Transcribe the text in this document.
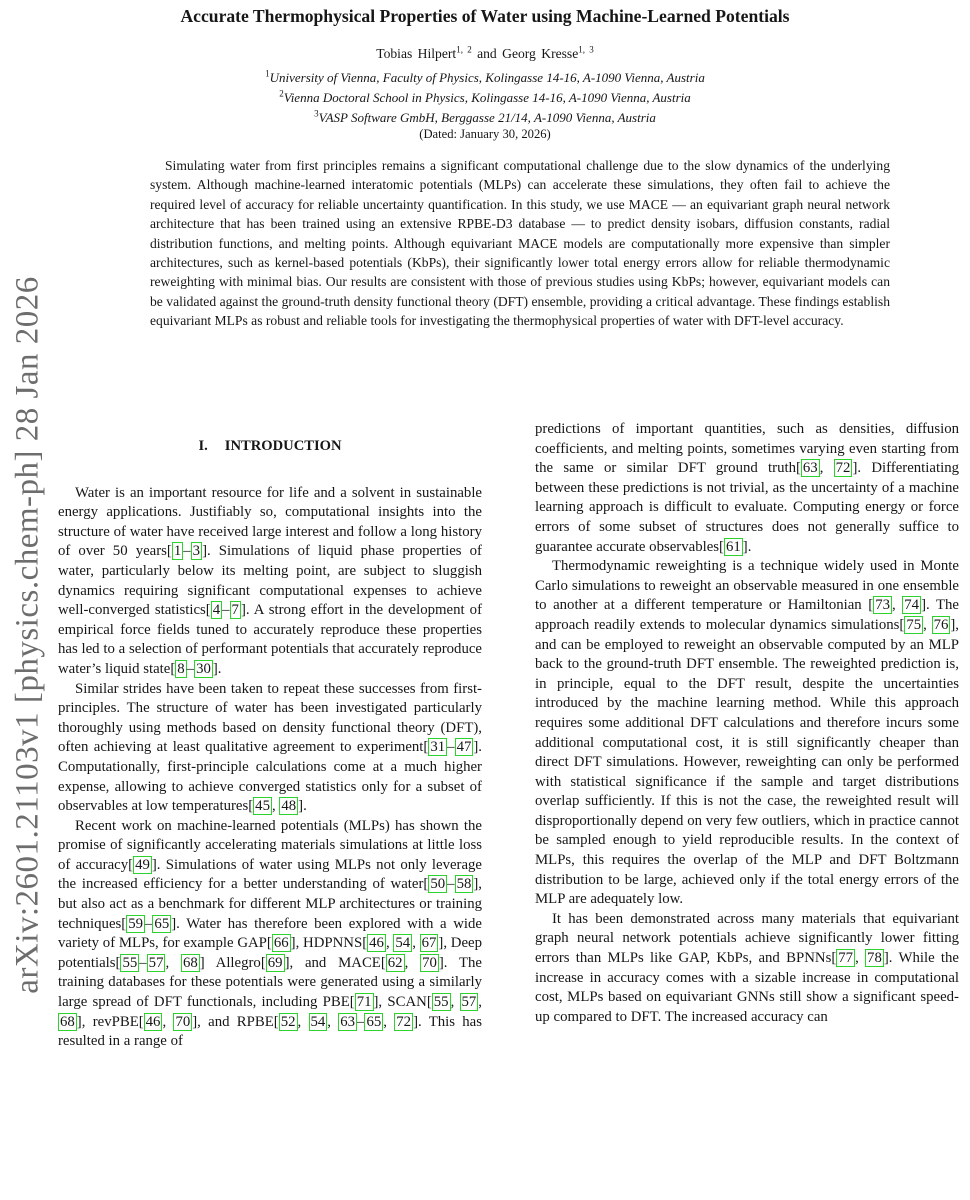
arXiv:2601.21103v1 [physics.chem-ph] 28 Jan 2026
Accurate Thermophysical Properties of Water using Machine-Learned Potentials
Tobias Hilpert$^{1, 2}$ and Georg Kresse$^{1, 3}$
$^1$University of Vienna, Faculty of Physics, Kolingasse 14-16, A-1090 Vienna, Austria
$^2$Vienna Doctoral School in Physics, Kolingasse 14-16, A-1090 Vienna, Austria
$^3$VASP Software GmbH, Berggasse 21/14, A-1090 Vienna, Austria
(Dated: January 30, 2026)
Simulating water from first principles remains a significant computational challenge due to the slow dynamics of the underlying system. Although machine-learned interatomic potentials (MLPs) can accelerate these simulations, they often fail to achieve the required level of accuracy for reliable uncertainty quantification. In this study, we use MACE — an equivariant graph neural network architecture that has been trained using an extensive RPBE-D3 database — to predict density isobars, diffusion constants, radial distribution functions, and melting points. Although equivariant MACE models are computationally more expensive than simpler architectures, such as kernel-based potentials (KbPs), their significantly lower total energy errors allow for reliable thermodynamic reweighting with minimal bias. Our results are consistent with those of previous studies using KbPs; however, equivariant models can be validated against the ground-truth density functional theory (DFT) ensemble, providing a critical advantage. These findings establish equivariant MLPs as robust and reliable tools for investigating the thermophysical properties of water with DFT-level accuracy.
I. INTRODUCTION

Water is an important resource for life and a solvent in sustainable energy applications. Justifiably so, computational insights into the structure of water have received large interest and follow a long history of over 50 years[ 1 – 3 ]. Simulations of liquid phase properties of water, particularly below its melting point, are subject to sluggish dynamics requiring significant computational expenses to achieve well-converged statistics[ 4 – 7 ]. A strong effort in the development of empirical force fields tuned to accurately reproduce these properties has led to a selection of performant potentials that accurately reproduce water’s liquid state[ 8 – 30 ].

Similar strides have been taken to repeat these successes from first-principles. The structure of water has been investigated particularly thoroughly using methods based on density functional theory (DFT), often achieving at least qualitative agreement to experiment[ 31 – 47 ]. Computationally, first-principle calculations come at a much higher expense, allowing to achieve converged statistics only for a subset of observables at low temperatures[ 45 , 48 ].

Recent work on machine-learned potentials (MLPs) has shown the promise of significantly accelerating materials simulations at little loss of accuracy[ 49 ]. Simulations of water using MLPs not only leverage the increased efficiency for a better understanding of water[ 50 – 58 ], but also act as a benchmark for different MLP architectures or training techniques[ 59 – 65 ]. Water has therefore been explored with a wide variety of MLPs, for example GAP[ 66 ], HDPNNS[ 46 , 54 , 67 ], Deep potentials[ 55 – 57 , 68 ] Allegro[ 69 ], and MACE[ 62 , 70 ]. The training databases for these potentials were generated using a similarly large spread of DFT functionals, including PBE[ 71 ], SCAN[ 55 , 57 , 68 ], revPBE[ 46 , 70 ], and RPBE[ 52 , 54 , 63 – 65 , 72 ]. This has resulted in a range of

predictions of important quantities, such as densities, diffusion coefficients, and melting points, sometimes varying even starting from the same or similar DFT ground truth[ 63 , 72 ]. Differentiating between these predictions is not trivial, as the uncertainty of a machine learning approach is difficult to evaluate. Computing energy or force errors of some subset of structures does not generally suffice to guarantee accurate observables[ 61 ].

Thermodynamic reweighting is a technique widely used in Monte Carlo simulations to reweight an observable measured in one ensemble to another at a different temperature or Hamiltonian [ 73 , 74 ]. The approach readily extends to molecular dynamics simulations[ 75 , 76 ], and can be employed to reweight an observable computed by an MLP back to the ground-truth DFT ensemble. The reweighted prediction is, in principle, equal to the DFT result, despite the uncertainties introduced by the machine learning method. While this approach requires some additional DFT calculations and therefore incurs some additional computational cost, it is still significantly cheaper than direct DFT simulations. However, reweighting can only be performed with statistical significance if the sample and target distributions overlap sufficiently. If this is not the case, the reweighted result will disproportionally depend on very few outliers, which in practice cannot be sampled enough to yield reproducible results. In the context of MLPs, this requires the overlap of the MLP and DFT Boltzmann distribution to be large, achieved only if the total energy errors of the MLP are adequately low.

It has been demonstrated across many materials that equivariant graph neural network potentials achieve significantly lower fitting errors than MLPs like GAP, KbPs, and BPNNs[ 77 , 78 ]. While the increase in accuracy comes with a sizable increase in computational cost, MLPs based on equivariant GNNs still show a significant speed-up compared to DFT. The increased accuracy can
